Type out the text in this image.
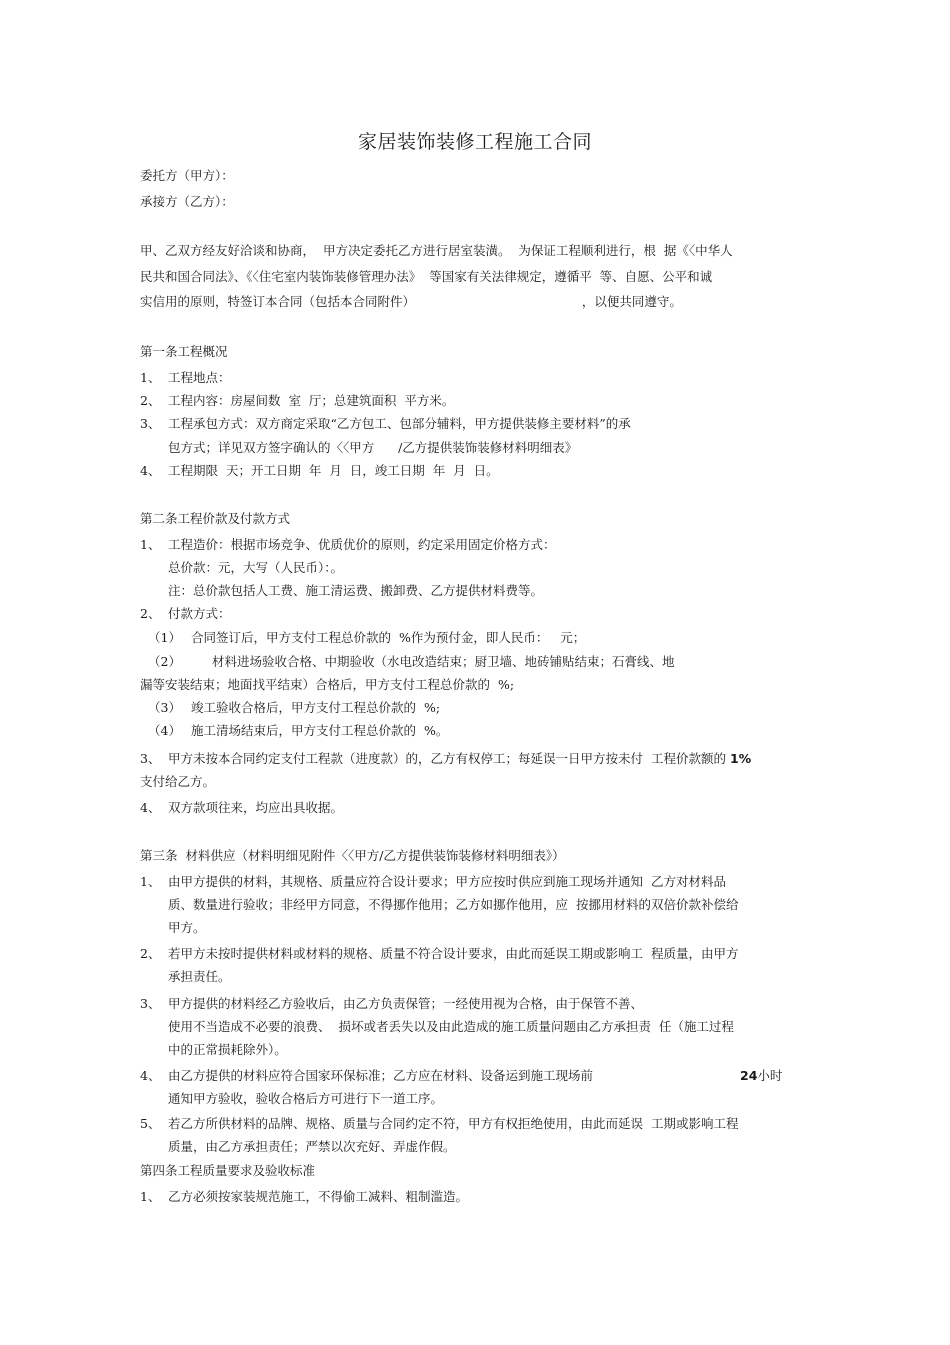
家居装饰装修工程施工合同
委托方（甲方）：
承接方（乙方）：
甲、乙双方经友好洽谈和协商，  甲方决定委托乙方进行居室装潢。  为保证工程顺利进行，根  据《〈中华人
民共和国合同法》、《〈住宅室内装饰装修管理办法》  等国家有关法律规定，遵循平  等、自愿、公平和诚
实信用的原则，特签订本合同（包括本合同附件）                                          ，以便共同遵守。
第一条工程概况
1、 工程地点：
2、 工程内容：房屋间数  室  厅；总建筑面积  平方米。
3、 工程承包方式：双方商定采取“乙方包工、包部分辅料，甲方提供装修主要材料”的承
包方式；详见双方签字确认的〈〈甲方      /乙方提供装饰装修材料明细表》
4、 工程期限  天；开工日期  年  月  日，竣工日期  年  月  日。
第二条工程价款及付款方式
1、 工程造价：根据市场竞争、优质优价的原则，约定采用固定价格方式：
总价款：元，大写（人民币）：。
注：总价款包括人工费、施工清运费、搬卸费、乙方提供材料费等。
2、 付款方式：
（1） 合同签订后，甲方支付工程总价款的  %作为预付金，即人民币：   元；
（2） 材料进场验收合格、中期验收（水电改造结束；厨卫墙、地砖铺贴结束；石膏线、地
漏等安装结束；地面找平结束）合格后，甲方支付工程总价款的  %;
（3） 竣工验收合格后，甲方支付工程总价款的  %;
（4） 施工清场结束后，甲方支付工程总价款的  %。
3、 甲方未按本合同约定支付工程款（进度款）的，乙方有权停工；每延误一日甲方按未付  工程价款额的 1%
支付给乙方。
4、 双方款项往来，均应出具收据。
第三条  材料供应（材料明细见附件〈〈甲方/乙方提供装饰装修材料明细表》）
1、 由甲方提供的材料，其规格、质量应符合设计要求；甲方应按时供应到施工现场并通知  乙方对材料品
质、数量进行验收；非经甲方同意，不得挪作他用；乙方如挪作他用，应  按挪用材料的双倍价款补偿给
甲方。
2、 若甲方未按时提供材料或材料的规格、质量不符合设计要求，由此而延误工期或影响工  程质量，由甲方
承担责任。
3、 甲方提供的材料经乙方验收后，由乙方负责保管；一经使用视为合格，由于保管不善、
使用不当造成不必要的浪费、  损坏或者丢失以及由此造成的施工质量问题由乙方承担责  任（施工过程
中的正常损耗除外）。
4、 由乙方提供的材料应符合国家环保标准；乙方应在材料、设备运到施工现场前	24小时
通知甲方验收，验收合格后方可进行下一道工序。
5、 若乙方所供材料的品牌、规格、质量与合同约定不符，甲方有权拒绝使用，由此而延误  工期或影响工程
质量，由乙方承担责任；严禁以次充好、弄虚作假。
第四条工程质量要求及验收标准
1、 乙方必须按家装规范施工，不得偷工减料、粗制滥造。
